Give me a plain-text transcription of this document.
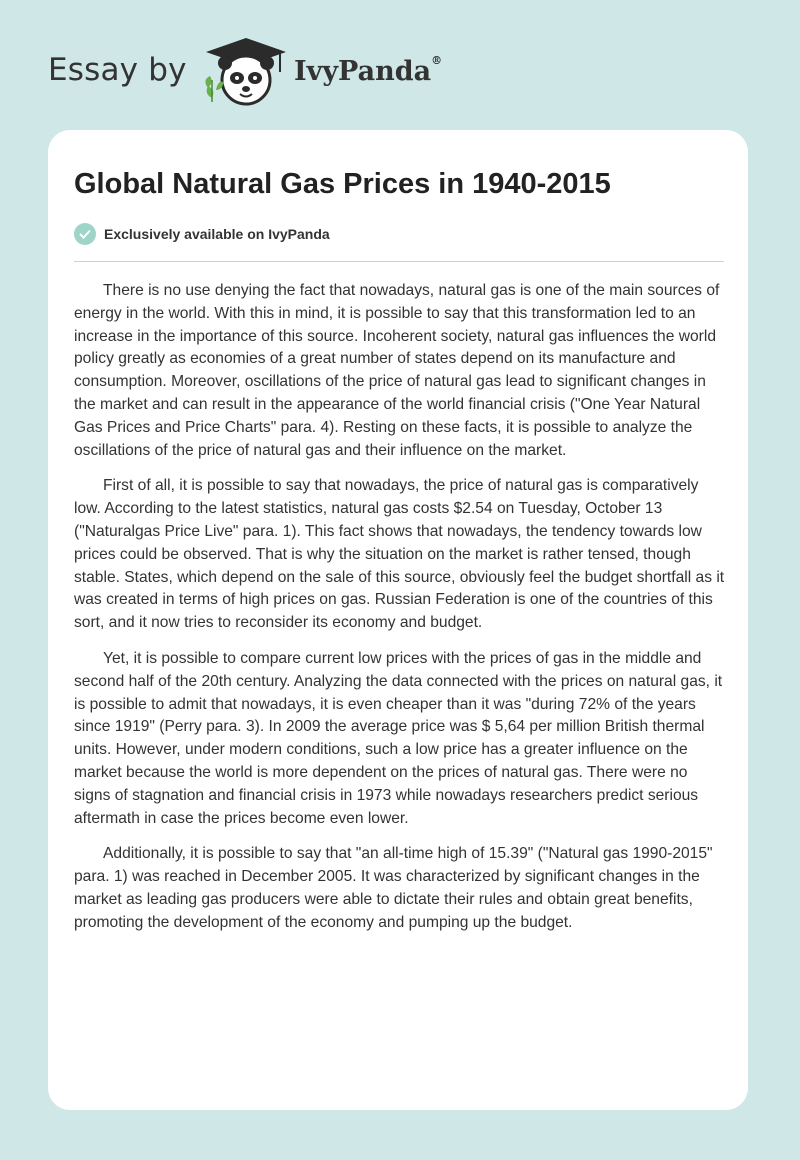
Essay by	IvyPanda®
Global Natural Gas Prices in 1940-2015
Exclusively available on IvyPanda

There is no use denying the fact that nowadays, natural gas is one of the main sources of energy in the world. With this in mind, it is possible to say that this transformation led to an increase in the importance of this source. Incoherent society, natural gas influences the world policy greatly as economies of a great number of states depend on its manufacture and consumption. Moreover, oscillations of the price of natural gas lead to significant changes in the market and can result in the appearance of the world financial crisis ("One Year Natural Gas Prices and Price Charts" para. 4). Resting on these facts, it is possible to analyze the oscillations of the price of natural gas and their influence on the market.

First of all, it is possible to say that nowadays, the price of natural gas is comparatively low. According to the latest statistics, natural gas costs $2.54 on Tuesday, October 13 ("Naturalgas Price Live" para. 1). This fact shows that nowadays, the tendency towards low prices could be observed. That is why the situation on the market is rather tensed, though stable. States, which depend on the sale of this source, obviously feel the budget shortfall as it was created in terms of high prices on gas. Russian Federation is one of the countries of this sort, and it now tries to reconsider its economy and budget.

Yet, it is possible to compare current low prices with the prices of gas in the middle and second half of the 20th century. Analyzing the data connected with the prices on natural gas, it is possible to admit that nowadays, it is even cheaper than it was "during 72% of the years since 1919" (Perry para. 3). In 2009 the average price was $ 5,64 per million British thermal units. However, under modern conditions, such a low price has a greater influence on the market because the world is more dependent on the prices of natural gas. There were no signs of stagnation and financial crisis in 1973 while nowadays researchers predict serious aftermath in case the prices become even lower.

Additionally, it is possible to say that "an all-time high of 15.39" ("Natural gas 1990-2015" para. 1) was reached in December 2005. It was characterized by significant changes in the market as leading gas producers were able to dictate their rules and obtain great benefits, promoting the development of the economy and pumping up the budget.
